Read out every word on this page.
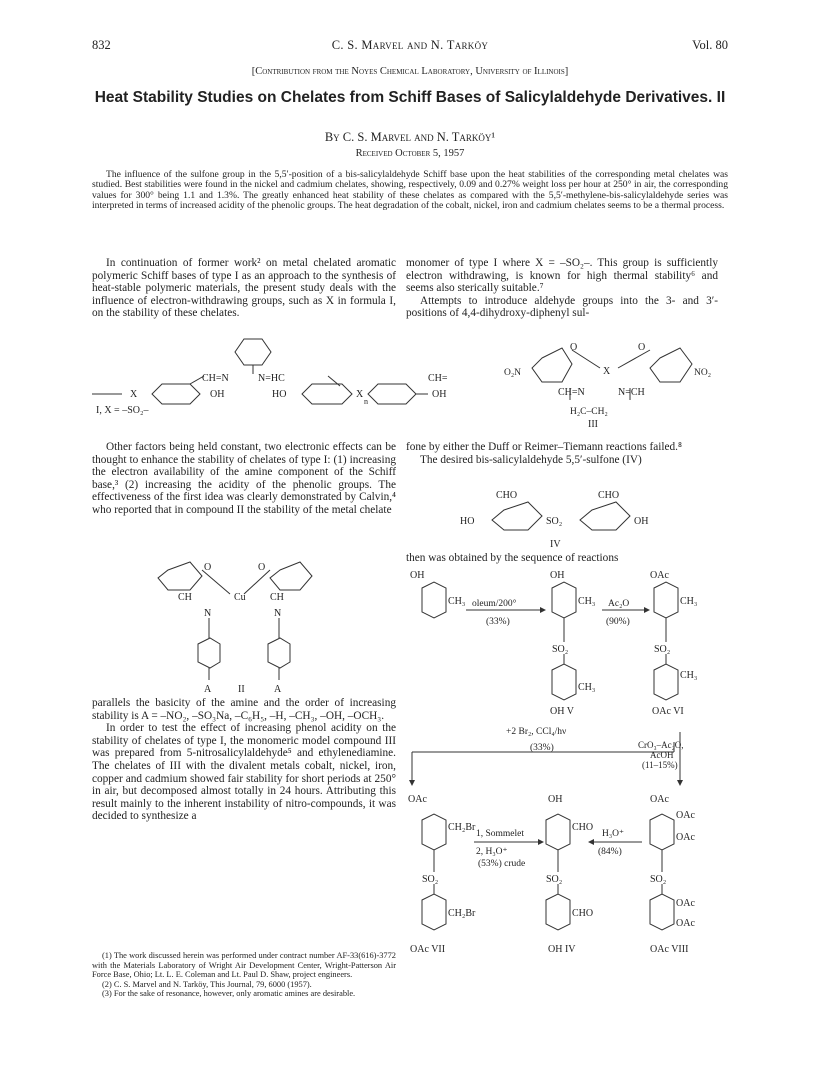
832	C. S. Marvel and N. Tarköy	Vol. 80
[Contribution from the Noyes Chemical Laboratory, University of Illinois]
Heat Stability Studies on Chelates from Schiff Bases of Salicylaldehyde Derivatives. II
By C. S. Marvel and N. Tarköy¹
Received October 5, 1957
The influence of the sulfone group in the 5,5′-position of a bis-salicylaldehyde Schiff base upon the heat stabilities of the corresponding metal chelates was studied. Best stabilities were found in the nickel and cadmium chelates, showing, respectively, 0.09 and 0.27% weight loss per hour at 250° in air, the corresponding values for 300° being 1.1 and 1.3%. The greatly enhanced heat stability of these chelates as compared with the 5,5′-methylene-bis-salicylaldehyde series was interpreted in terms of increased acidity of the phenolic groups. The heat degradation of the cobalt, nickel, iron and cadmium chelates seems to be a thermal process.

In continuation of former work² on metal chelated aromatic polymeric Schiff bases of type I as an approach to the synthesis of heat-stable polymeric materials, the present study deals with the influence of electron-withdrawing groups, such as X in formula I, on the stability of these chelates.

monomer of type I where X = –SO₂–. This group is sufficiently electron withdrawing, is known for high thermal stability⁶ and seems also sterically suitable.⁷

Attempts to introduce aldehyde groups into the 3- and 3′-positions of 4,4-dihydroxy-diphenyl sul-

CH=N	N=HC	CH=
X	OH	HO	X
n
OH
I, X = –SO₂–
O	O
X
O₂N	NO₂
CH=N	N=CH
H₂C–CH₂
III

Other factors being held constant, two electronic effects can be thought to enhance the stability of chelates of type I: (1) increasing the electron availability of the amine component of the Schiff base,³ (2) increasing the acidity of the phenolic groups. The effectiveness of the first idea was clearly demonstrated by Calvin,⁴ who reported that in compound II the stability of the metal chelate

fone by either the Duff or Reimer–Tiemann reactions failed.⁸

The desired bis-salicylaldehyde 5,5′-sulfone (IV)

CHO	CHO
HO	SO₂	OH
IV
then was obtained by the sequence of reactions
O	O
CH	Cu CH
N	N
A	II	A

parallels the basicity of the amine and the order of increasing stability is A = –NO₂, –SO₃Na, –C₆H₅, –H, –CH₃, –OH, –OCH₃.

In order to test the effect of increasing phenol acidity on the stability of chelates of type I, the monomeric model compound III was prepared from 5-nitrosalicylaldehyde⁵ and ethylenediamine. The chelates of III with the divalent metals cobalt, nickel, iron, copper and cadmium showed fair stability for short periods at 250° in air, but decomposed almost totally in 24 hours. Attributing this result mainly to the inherent instability of nitro-compounds, it was decided to synthesize a

(1) The work discussed herein was performed under contract number AF-33(616)-3772 with the Materials Laboratory of Wright Air Development Center, Wright-Patterson Air Force Base, Ohio; Lt. L. E. Coleman and Lt. Paul D. Shaw, project engineers.

(2) C. S. Marvel and N. Tarköy, This Journal, 79, 6000 (1957).

(3) For the sake of resonance, however, only aromatic amines are desirable.

OH
CH₃
OH
CH₃
OAc
CH₃
oleum/200°
(33%)
Ac₂O
(90%)
SO₂	SO₂
CH₃
CH₃
OH V	OAc VI
+2 Br₂, CCl₄/hν
(33%)	CrO₃–Ac₂O,
AcOH
(11–15%)
OAc
CH₂Br
OH
CHO
OAc
OAc
OAc
1, Sommelet
2, H₃O⁺
(53%) crude
H₃O⁺
(84%)
SO₂	SO₂	SO₂
CH₂Br	CHO
OAc
OAc
OAc VII	OH IV	OAc VIII
